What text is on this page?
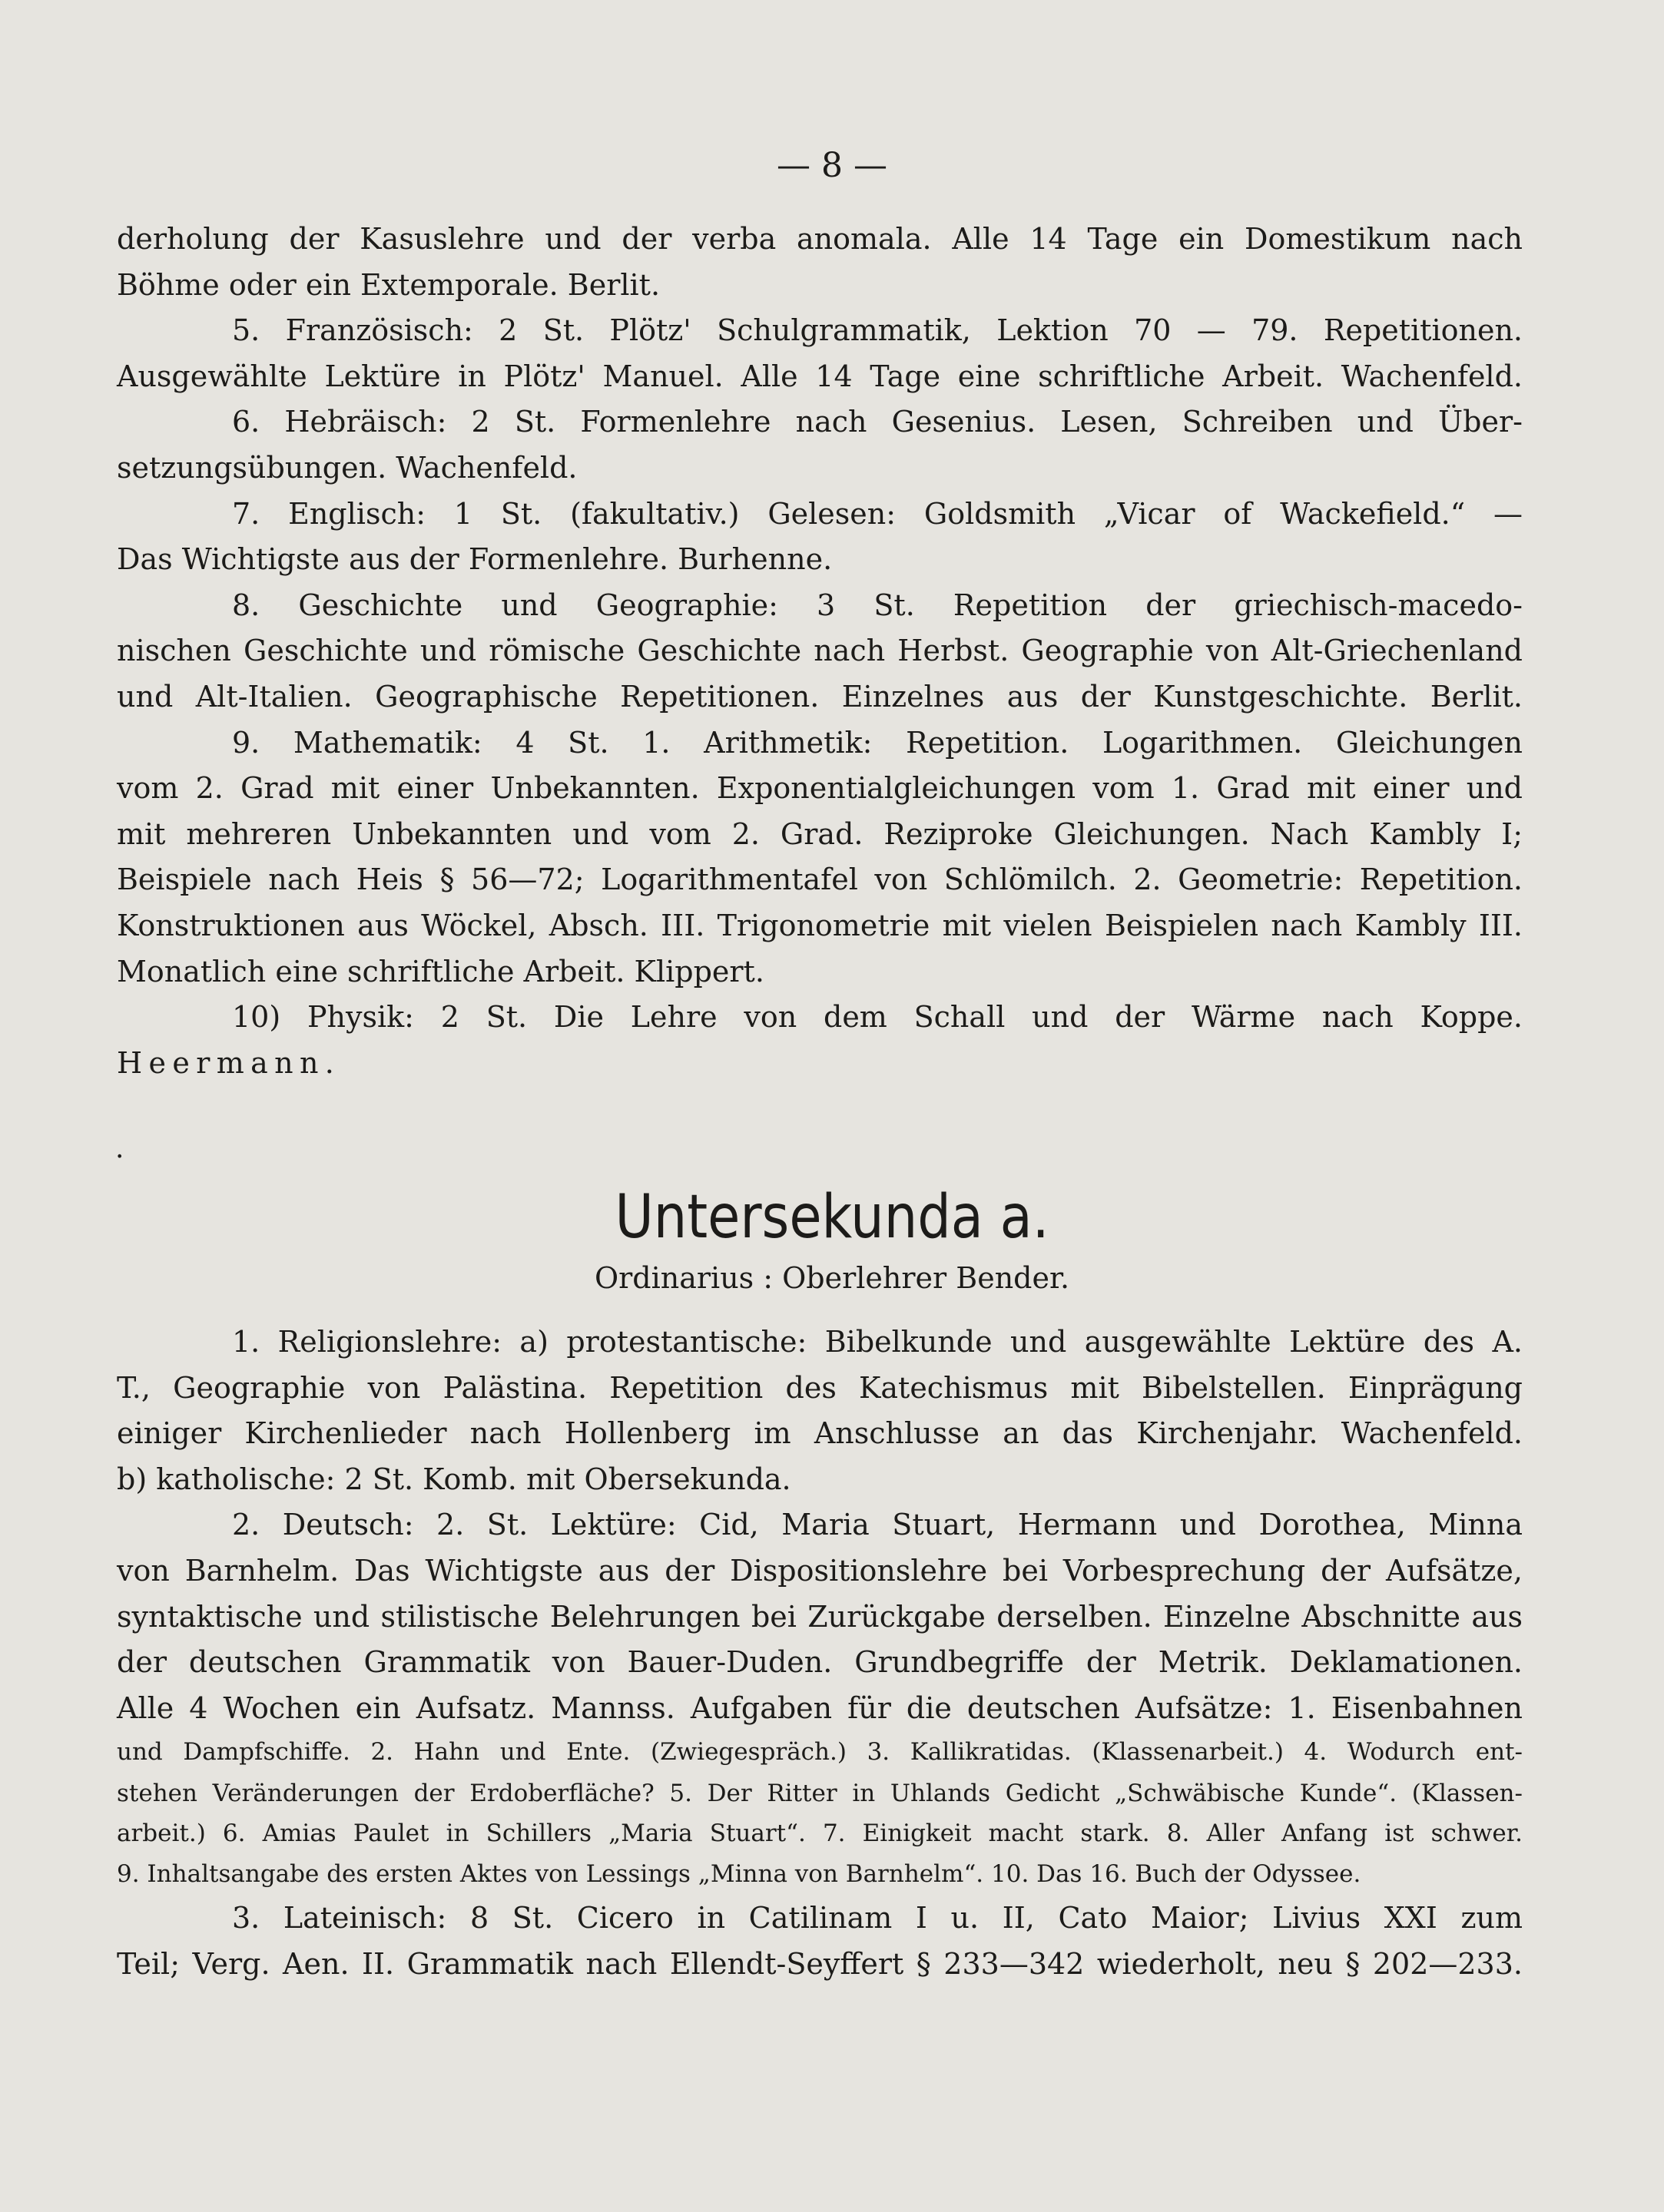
— 8 —
derholung der Kasuslehre und der verba anomala. Alle 14 Tage ein Domestikum nach
Böhme oder ein Extemporale. Berlit.
5. Französisch: 2 St. Plötz' Schulgrammatik, Lektion 70 — 79. Repetitionen.
Ausgewählte Lektüre in Plötz' Manuel. Alle 14 Tage eine schriftliche Arbeit. Wachenfeld.
6. Hebräisch: 2 St. Formenlehre nach Gesenius. Lesen, Schreiben und Über-
setzungsübungen. Wachenfeld.
7. Englisch: 1 St. (fakultativ.) Gelesen: Goldsmith „Vicar of Wackefield.“ —
Das Wichtigste aus der Formenlehre. Burhenne.
8. Geschichte und Geographie: 3 St. Repetition der griechisch-macedo-
nischen Geschichte und römische Geschichte nach Herbst. Geographie von Alt-Griechenland
und Alt-Italien. Geographische Repetitionen. Einzelnes aus der Kunstgeschichte. Berlit.
9. Mathematik: 4 St. 1. Arithmetik: Repetition. Logarithmen. Gleichungen
vom 2. Grad mit einer Unbekannten. Exponentialgleichungen vom 1. Grad mit einer und
mit mehreren Unbekannten und vom 2. Grad. Reziproke Gleichungen. Nach Kambly I;
Beispiele nach Heis § 56—72; Logarithmentafel von Schlömilch. 2. Geometrie: Repetition.
Konstruktionen aus Wöckel, Absch. III. Trigonometrie mit vielen Beispielen nach Kambly III.
Monatlich eine schriftliche Arbeit. Klippert.
10) Physik: 2 St. Die Lehre von dem Schall und der Wärme nach Koppe.
Heermann.
·
Untersekunda a.
Ordinarius : Oberlehrer Bender.
1. Religionslehre: a) protestantische: Bibelkunde und ausgewählte Lektüre des A.
T., Geographie von Palästina. Repetition des Katechismus mit Bibelstellen. Einprägung
einiger Kirchenlieder nach Hollenberg im Anschlusse an das Kirchenjahr. Wachenfeld.
b) katholische: 2 St. Komb. mit Obersekunda.
2. Deutsch: 2. St. Lektüre: Cid, Maria Stuart, Hermann und Dorothea, Minna
von Barnhelm. Das Wichtigste aus der Dispositionslehre bei Vorbesprechung der Aufsätze,
syntaktische und stilistische Belehrungen bei Zurückgabe derselben. Einzelne Abschnitte aus
der deutschen Grammatik von Bauer-Duden. Grundbegriffe der Metrik. Deklamationen.
Alle 4 Wochen ein Aufsatz. Mannss. Aufgaben für die deutschen Aufsätze: 1. Eisenbahnen
und Dampfschiffe. 2. Hahn und Ente. (Zwiegespräch.) 3. Kallikratidas. (Klassenarbeit.) 4. Wodurch ent-
stehen Veränderungen der Erdoberfläche? 5. Der Ritter in Uhlands Gedicht „Schwäbische Kunde“. (Klassen-
arbeit.) 6. Amias Paulet in Schillers „Maria Stuart“. 7. Einigkeit macht stark. 8. Aller Anfang ist schwer.
9. Inhaltsangabe des ersten Aktes von Lessings „Minna von Barnhelm“. 10. Das 16. Buch der Odyssee.
3. Lateinisch: 8 St. Cicero in Catilinam I u. II, Cato Maior; Livius XXI zum
Teil; Verg. Aen. II. Grammatik nach Ellendt-Seyffert § 233—342 wiederholt, neu § 202—233.
